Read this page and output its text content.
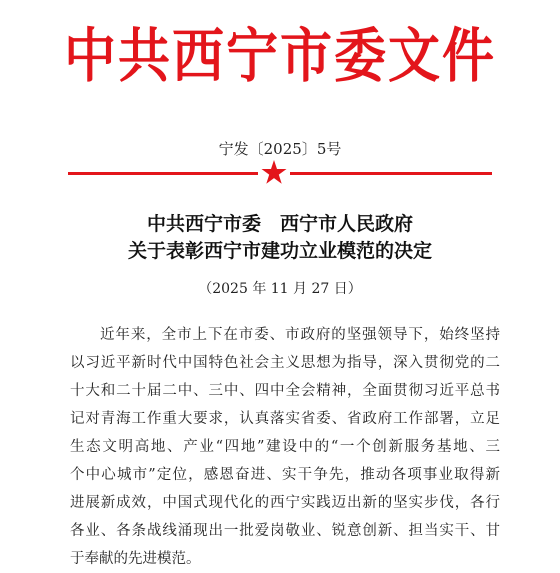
中共西宁市委文件
宁发〔2025〕5号
中共西宁市委　西宁市人民政府
关于表彰西宁市建功立业模范的决定
（2025 年 11 月 27 日）
近年来，全市上下在市委、市政府的坚强领导下，始终坚持
以习近平新时代中国特色社会主义思想为指导，深入贯彻党的二
十大和二十届二中、三中、四中全会精神，全面贯彻习近平总书
记对青海工作重大要求，认真落实省委、省政府工作部署，立足
生态文明高地、产业“四地”建设中的“一个创新服务基地、三
个中心城市”定位，感恩奋进、实干争先，推动各项事业取得新
进展新成效，中国式现代化的西宁实践迈出新的坚实步伐，各行
各业、各条战线涌现出一批爱岗敬业、锐意创新、担当实干、甘
于奉献的先进模范。
